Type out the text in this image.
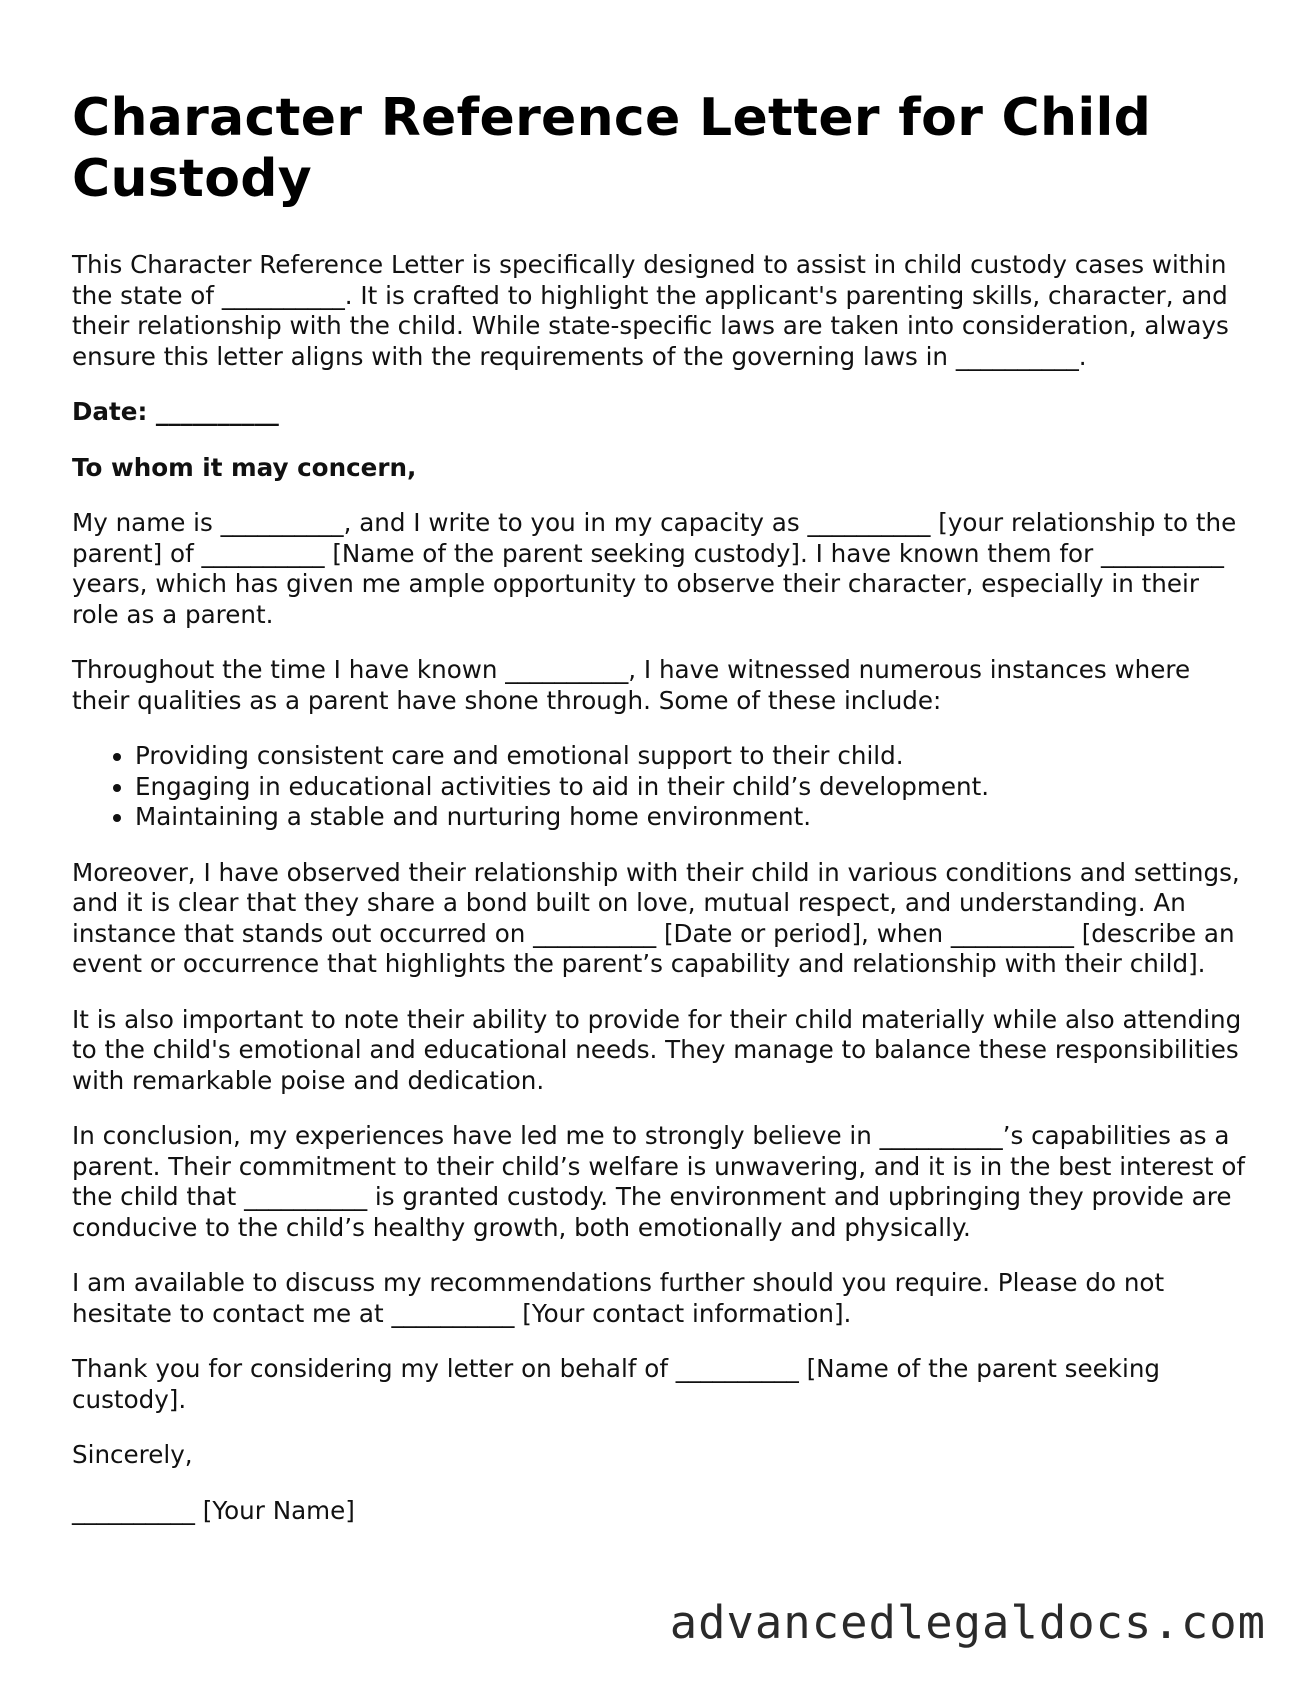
Character Reference Letter for Child Custody

This Character Reference Letter is specifically designed to assist in child custody cases within the state of __________. It is crafted to highlight the applicant's parenting skills, character, and their relationship with the child. While state-specific laws are taken into consideration, always ensure this letter aligns with the requirements of the governing laws in __________.

Date: __________

To whom it may concern,

My name is __________, and I write to you in my capacity as __________ [your relationship to the parent] of __________ [Name of the parent seeking custody]. I have known them for __________ years, which has given me ample opportunity to observe their character, especially in their role as a parent.

Throughout the time I have known __________, I have witnessed numerous instances where their qualities as a parent have shone through. Some of these include:

• Providing consistent care and emotional support to their child.
• Engaging in educational activities to aid in their child’s development.
• Maintaining a stable and nurturing home environment.

Moreover, I have observed their relationship with their child in various conditions and settings, and it is clear that they share a bond built on love, mutual respect, and understanding. An instance that stands out occurred on __________ [Date or period], when __________ [describe an event or occurrence that highlights the parent’s capability and relationship with their child].

It is also important to note their ability to provide for their child materially while also attending to the child's emotional and educational needs. They manage to balance these responsibilities with remarkable poise and dedication.

In conclusion, my experiences have led me to strongly believe in __________’s capabilities as a parent. Their commitment to their child’s welfare is unwavering, and it is in the best interest of the child that __________ is granted custody. The environment and upbringing they provide are conducive to the child’s healthy growth, both emotionally and physically.

I am available to discuss my recommendations further should you require. Please do not hesitate to contact me at __________ [Your contact information].

Thank you for considering my letter on behalf of __________ [Name of the parent seeking custody].

Sincerely,

__________ [Your Name]

advancedlegaldocs.com
